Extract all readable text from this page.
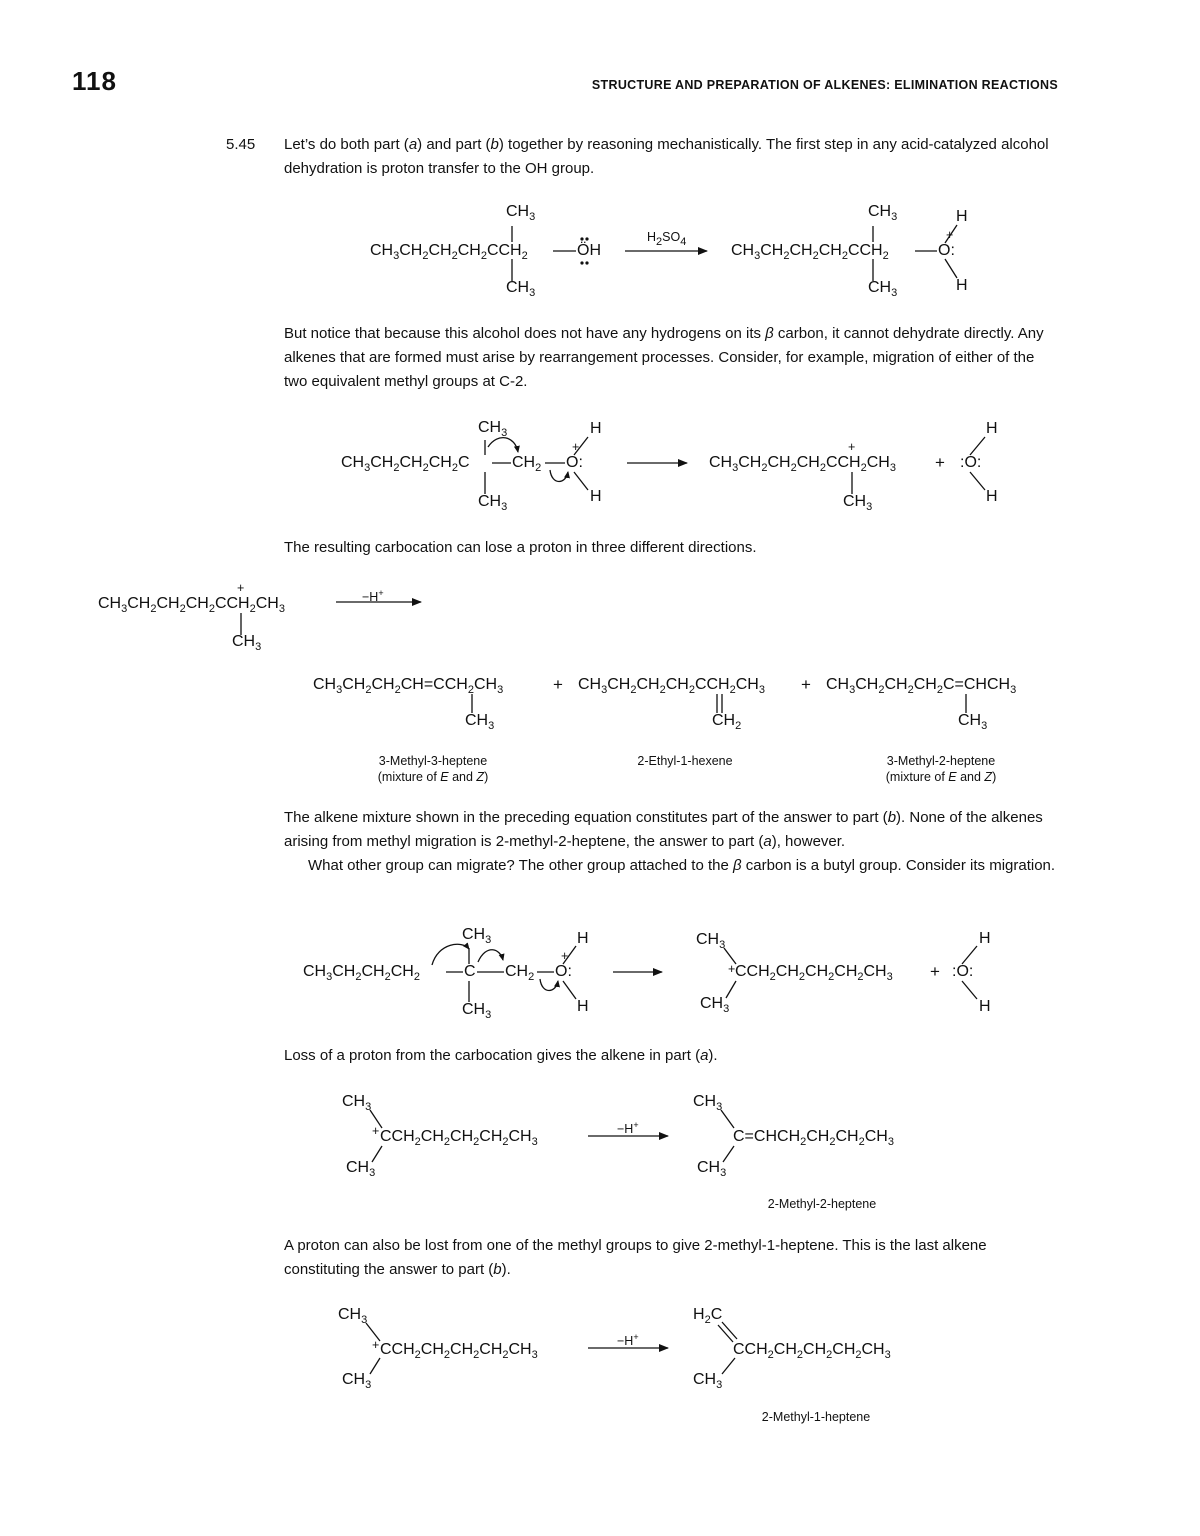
118	STRUCTURE AND PREPARATION OF ALKENES: ELIMINATION REACTIONS
5.45 Let’s do both part (a) and part (b) together by reasoning mechanistically. The first step in any acid-catalyzed alcohol dehydration is proton transfer to the OH group.

But notice that because this alcohol does not have any hydrogens on its β carbon, it cannot dehydrate directly. Any alkenes that are formed must arise by rearrangement processes. Consider, for example, migration of either of the two equivalent methyl groups at C-2.

The resulting carbocation can lose a proton in three different directions.

The alkene mixture shown in the preceding equation constitutes part of the answer to part (b). None of the alkenes arising from methyl migration is 2-methyl-2-heptene, the answer to part (a), however.

What other group can migrate? The other group attached to the β carbon is a butyl group. Consider its migration.

Loss of a proton from the carbocation gives the alkene in part (a).

A proton can also be lost from one of the methyl groups to give 2-methyl-1-heptene. This is the last alkene constituting the answer to part (b).

$CH_3$
$CH_3CH_2CH_2CH_2CCH_2$	ÖH
$CH_3$
$H_2SO_4$
$CH_3$
$CH_3CH_2CH_2CH_2CCH_2$	O:
+
H
H
$CH_3$
$CH_3$
$CH_3CH_2CH_2CH_2C$	$CH_2$ O:
+
H
H
$CH_3$
$CH_3CH_2CH_2CH_2CCH_2CH_3$
+
$CH_3$
+ :O:
H
H
$CH_3CH_2CH_2CH_2CCH_2CH_3$
+
$CH_3$
−H+
$CH_3CH_2CH_2CH=CCH_2CH_3$
$CH_3$
+ $CH_3CH_2CH_2CH_2CCH_2CH_3$
$CH_2$
+ $CH_3CH_2CH_2CH_2C=CHCH_3$
$CH_3$
3-Methyl-3-heptene
(mixture of E and Z)
2-Ethyl-1-hexene	3-Methyl-2-heptene
(mixture of E and Z)
$CH_3$
$CH_3CH_2CH_2CH_2$	C $CH_2$ O:
+
H
H
$CH_3$
$CH_3$
$CCH_2CH_2CH_2CH_2CH_3$
+
$CH_3$
+ :O:
H
H
$CH_3$
+ $CCH_2CH_2CH_2CH_2CH_3$
$CH_3$
−H+
$CH_3$
$C=CHCH_2CH_2CH_2CH_3$
$CH_3$
2-Methyl-2-heptene
$CH_3$
+ $CCH_2CH_2CH_2CH_2CH_3$
$CH_3$
−H+
$H_2C$
$CCH_2CH_2CH_2CH_2CH_3$
$CH_3$
2-Methyl-1-heptene
